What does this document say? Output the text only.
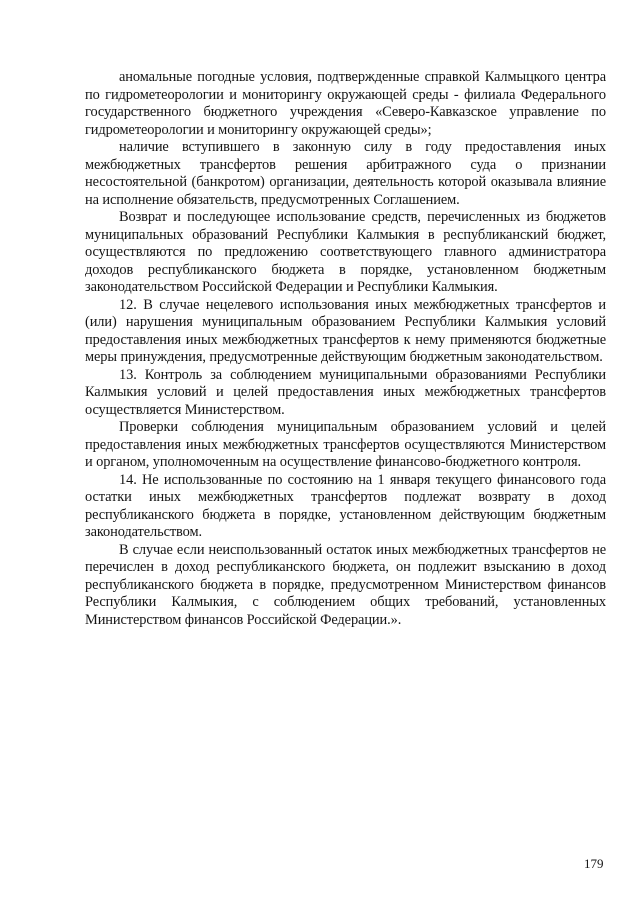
аномальные погодные условия, подтвержденные справкой Калмыцкого центра по гидрометеорологии и мониторингу окружающей среды - филиала Федерального государственного бюджетного учреждения «Северо-Кавказское управление по гидрометеорологии и мониторингу окружающей среды»;

наличие вступившего в законную силу в году предоставления иных межбюджетных трансфертов решения арбитражного суда о признании несостоятельной (банкротом) организации, деятельность которой оказывала влияние на исполнение обязательств, предусмотренных Соглашением.

Возврат и последующее использование средств, перечисленных из бюджетов муниципальных образований Республики Калмыкия в республиканский бюджет, осуществляются по предложению соответствующего главного администратора доходов республиканского бюджета в порядке, установленном бюджетным законодательством Российской Федерации и Республики Калмыкия.

12. В случае нецелевого использования иных межбюджетных трансфертов и (или) нарушения муниципальным образованием Республики Калмыкия условий предоставления иных межбюджетных трансфертов к нему применяются бюджетные меры принуждения, предусмотренные действующим бюджетным законодательством.

13. Контроль за соблюдением муниципальными образованиями Республики Калмыкия условий и целей предоставления иных межбюджетных трансфертов осуществляется Министерством.

Проверки соблюдения муниципальным образованием условий и целей предоставления иных межбюджетных трансфертов осуществляются Министерством и органом, уполномоченным на осуществление финансово-бюджетного контроля.

14. Не использованные по состоянию на 1 января текущего финансового года остатки иных межбюджетных трансфертов подлежат возврату в доход республиканского бюджета в порядке, установленном действующим бюджетным законодательством.

В случае если неиспользованный остаток иных межбюджетных трансфертов не перечислен в доход республиканского бюджета, он подлежит взысканию в доход республиканского бюджета в порядке, предусмотренном Министерством финансов Республики Калмыкия, с соблюдением общих требований, установленных Министерством финансов Российской Федерации.».

179
